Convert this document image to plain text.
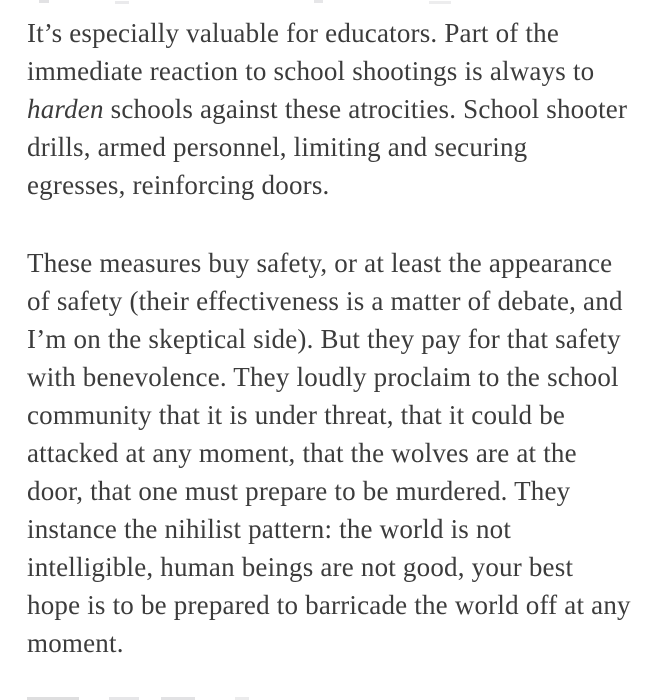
It’s especially valuable for educators. Part of the immediate reaction to school shootings is always to harden schools against these atrocities. School shooter drills, armed personnel, limiting and securing egresses, reinforcing doors.

These measures buy safety, or at least the appearance of safety (their effectiveness is a matter of debate, and I’m on the skeptical side). But they pay for that safety with benevolence. They loudly proclaim to the school community that it is under threat, that it could be attacked at any moment, that the wolves are at the door, that one must prepare to be murdered. They instance the nihilist pattern: the world is not intelligible, human beings are not good, your best hope is to be prepared to barricade the world off at any moment.
